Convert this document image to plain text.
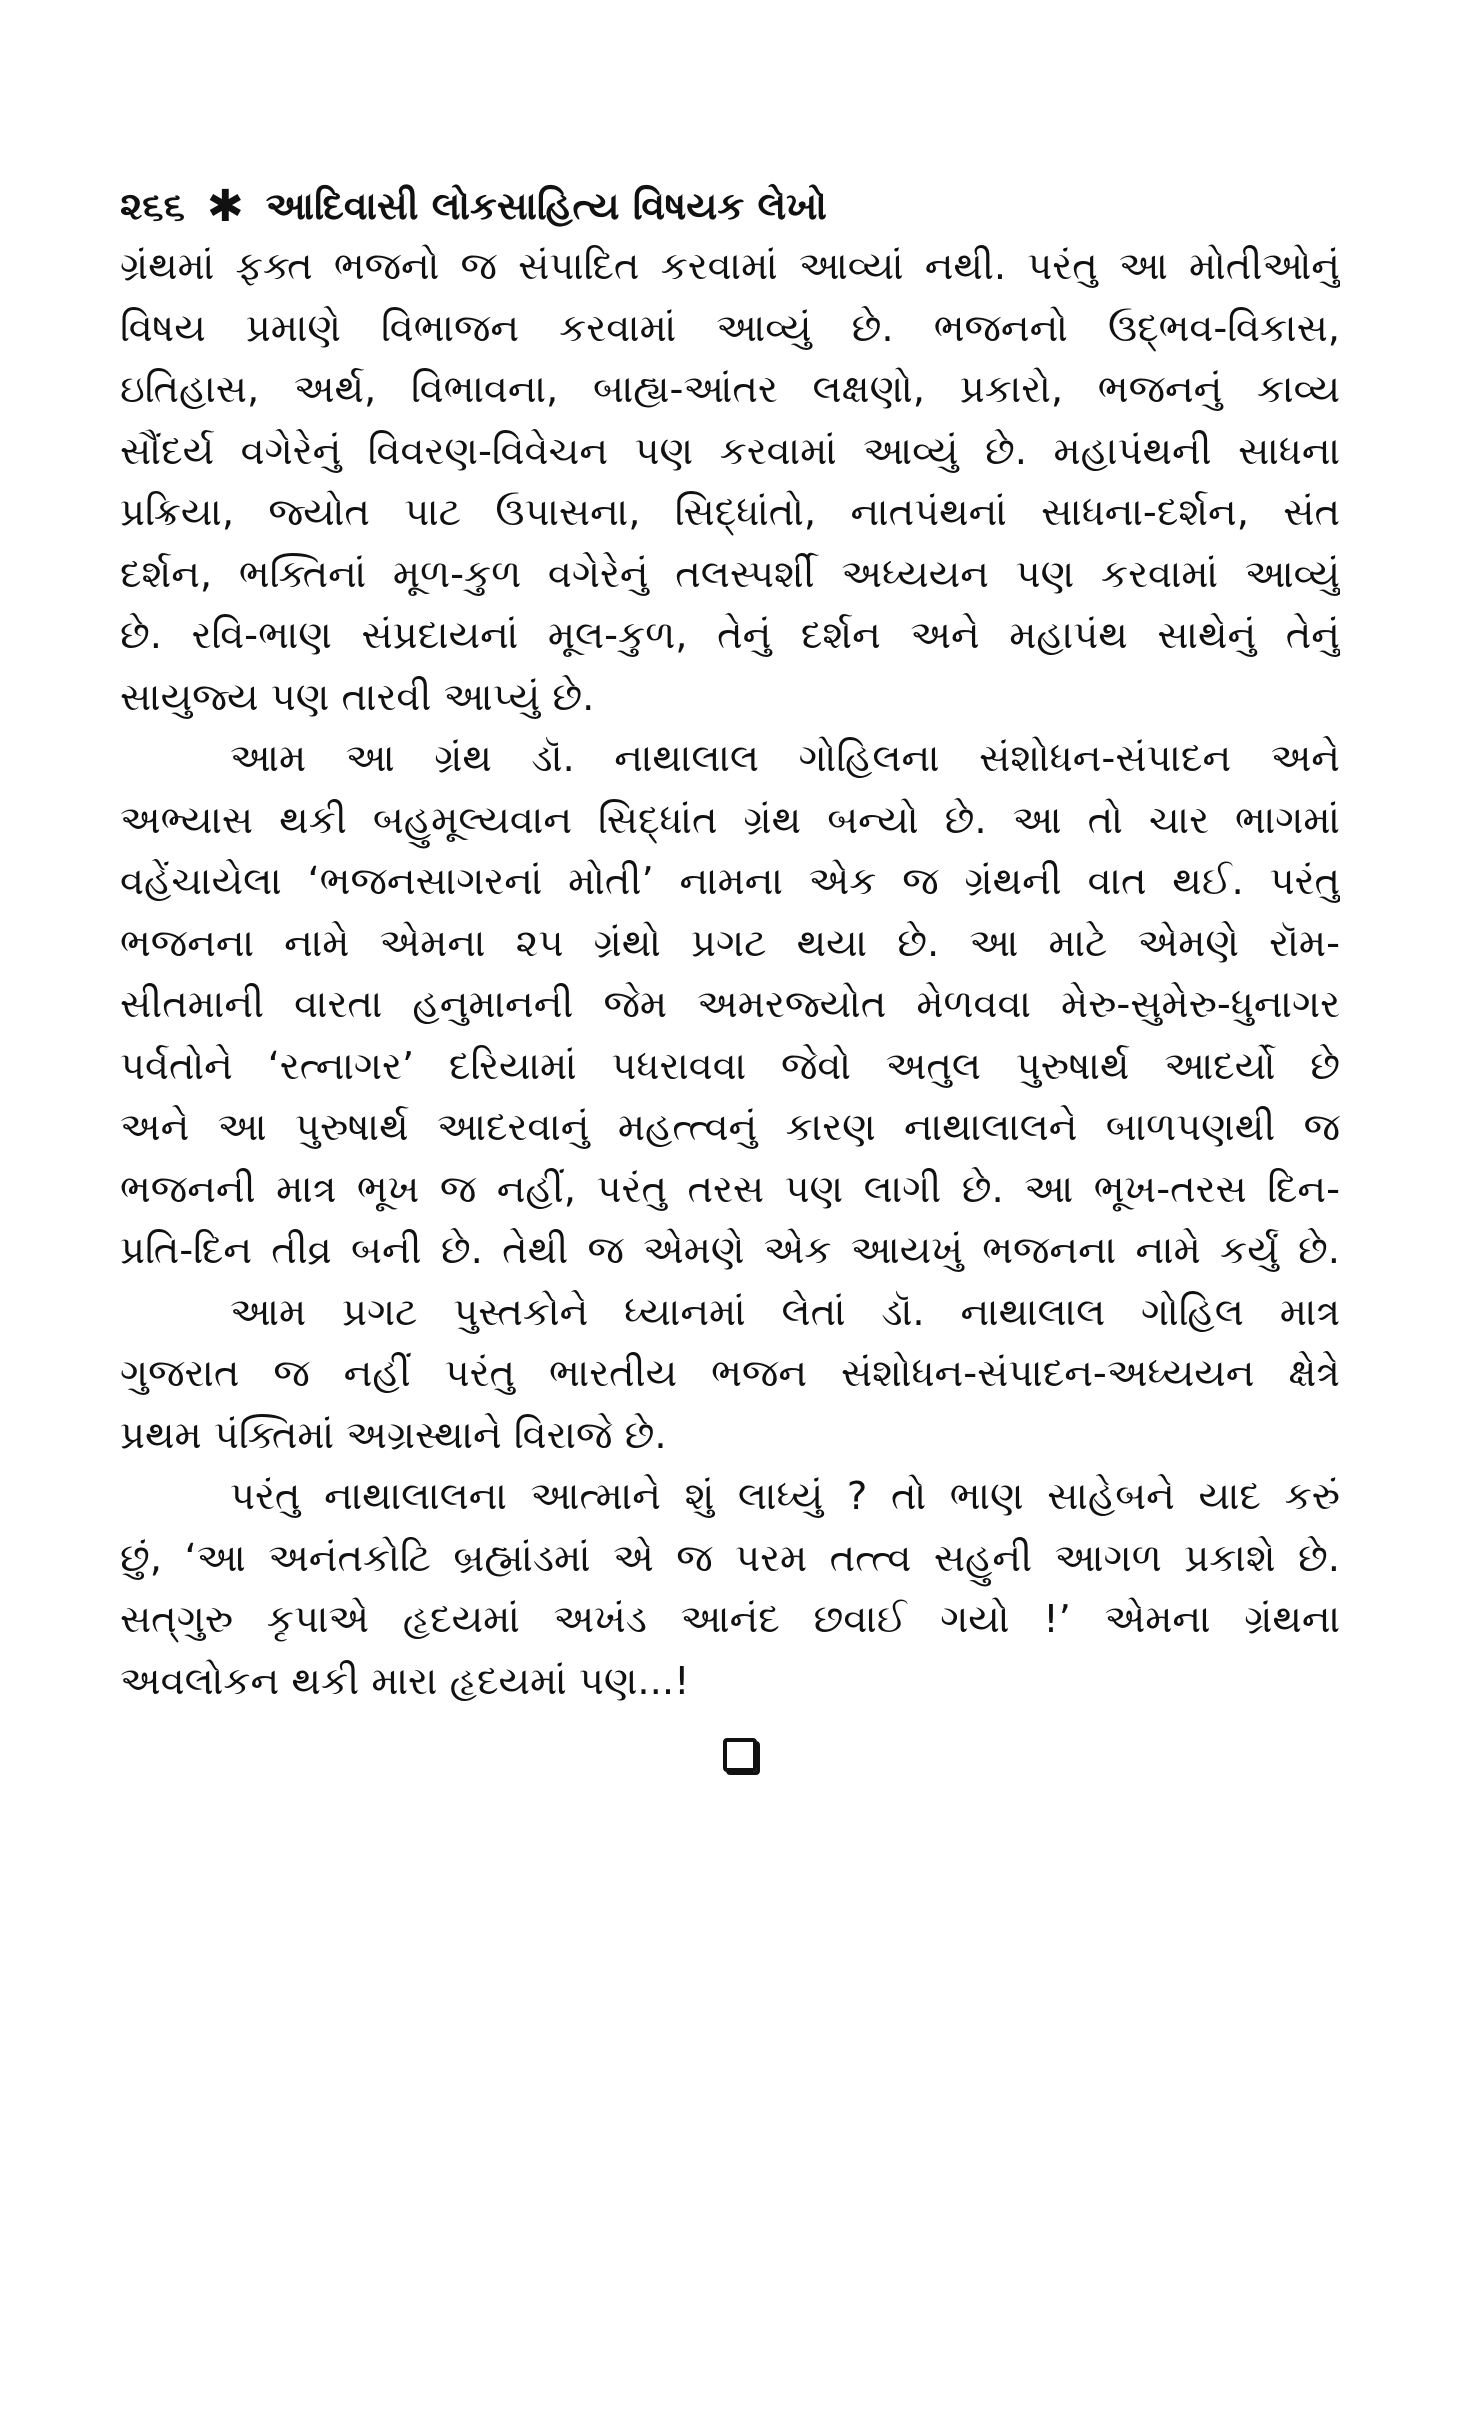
૨૬૬ ✱ આદિવાસી લોકસાહિત્ય વિષયક લેખો
ગ્રંથમાં ફક્ત ભજનો જ સંપાદિત કરવામાં આવ્યાં નથી. પરંતુ આ મોતીઓનું
વિષય પ્રમાણે વિભાજન કરવામાં આવ્યું છે. ભજનનો ઉદ્‌ભવ-વિકાસ,
ઇતિહાસ, અર્થ, વિભાવના, બાહ્ય-આંતર લક્ષણો, પ્રકારો, ભજનનું કાવ્ય
સૌંદર્ય વગેરેનું વિવરણ-વિવેચન પણ કરવામાં આવ્યું છે. મહાપંથની સાધના
પ્રક્રિયા, જ્યોત પાટ ઉપાસના, સિદ્ધાંતો, નાતપંથનાં સાધના-દર્શન, સંત
દર્શન, ભક્તિનાં મૂળ-કુળ વગેરેનું તલસ્પર્શી અધ્યયન પણ કરવામાં આવ્યું
છે. રવિ-ભાણ સંપ્રદાયનાં મૂલ-કુળ, તેનું દર્શન અને મહાપંથ સાથેનું તેનું
સાયુજ્ય પણ તારવી આપ્યું છે.
આમ આ ગ્રંથ ડૉ. નાથાલાલ ગોહિલના સંશોધન-સંપાદન અને
અભ્યાસ થકી બહુમૂલ્યવાન સિદ્ધાંત ગ્રંથ બન્યો છે. આ તો ચાર ભાગમાં
વહેંચાયેલા ‘ભજનસાગરનાં મોતી’ નામના એક જ ગ્રંથની વાત થઈ. પરંતુ
ભજનના નામે એમના ૨૫ ગ્રંથો પ્રગટ થયા છે. આ માટે એમણે રૉમ-
સીતમાની વારતા હનુમાનની જેમ અમરજ્યોત મેળવવા મેરુ-સુમેરુ-ધુનાગર
પર્વતોને ‘રત્નાગર’ દરિયામાં પધરાવવા જેવો અતુલ પુરુષાર્થ આદર્યો છે
અને આ પુરુષાર્થ આદરવાનું મહત્ત્વનું કારણ નાથાલાલને બાળપણથી જ
ભજનની માત્ર ભૂખ જ નહીં, પરંતુ તરસ પણ લાગી છે. આ ભૂખ-તરસ દિન-
પ્રતિ-દિન તીવ્ર બની છે. તેથી જ એમણે એક આયખું ભજનના નામે કર્યું છે.
આમ પ્રગટ પુસ્તકોને ધ્યાનમાં લેતાં ડૉ. નાથાલાલ ગોહિલ માત્ર
ગુજરાત જ નહીં પરંતુ ભારતીય ભજન સંશોધન-સંપાદન-અધ્યયન ક્ષેત્રે
પ્રથમ પંક્તિમાં અગ્રસ્થાને વિરાજે છે.
પરંતુ નાથાલાલના આત્માને શું લાધ્યું ? તો ભાણ સાહેબને યાદ કરું
છું, ‘આ અનંતકોટિ બ્રહ્માંડમાં એ જ પરમ તત્ત્વ સહુની આગળ પ્રકાશે છે.
સત્‌ગુરુ કૃપાએ હૃદયમાં અખંડ આનંદ છવાઈ ગયો !’ એમના ગ્રંથના
અવલોકન થકી મારા હૃદયમાં પણ...!
